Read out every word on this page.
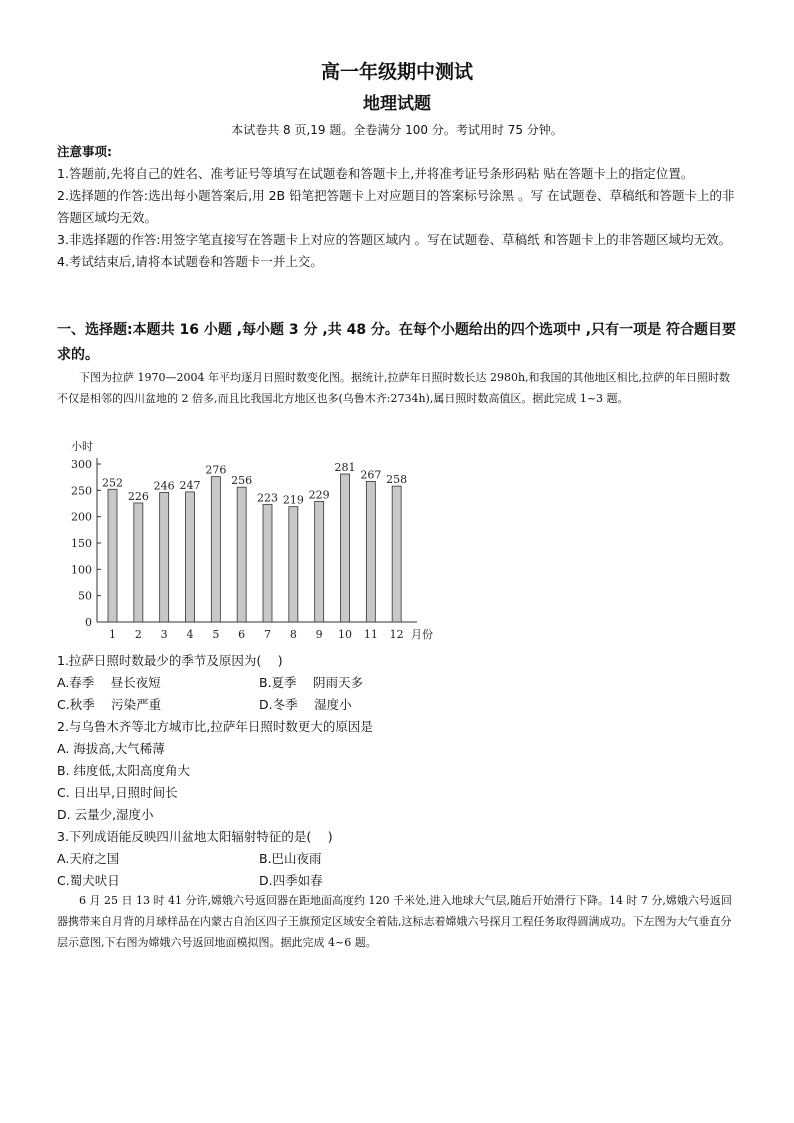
高一年级期中测试
地理试题
本试卷共 8 页,19 题。全卷满分 100 分。考试用时 75 分钟。
注意事项:
1.答题前,先将自己的姓名、准考证号等填写在试题卷和答题卡上,并将准考证号条形码粘 贴在答题卡上的指定位置。
2.选择题的作答:选出每小题答案后,用 2B 铅笔把答题卡上对应题目的答案标号涂黑 。写 在试题卷、草稿纸和答题卡上的非答题区域均无效。
3.非选择题的作答:用签字笔直接写在答题卡上对应的答题区域内 。写在试题卷、草稿纸 和答题卡上的非答题区域均无效。
4.考试结束后,请将本试题卷和答题卡一并上交。
一、选择题:本题共 16 小题 ,每小题 3 分 ,共 48 分。在每个小题给出的四个选项中 ,只有一项是 符合题目要求的。
下图为拉萨 1970—2004 年平均逐月日照时数变化图。据统计,拉萨年日照时数长达 2980h,和我国的其他地区相比,拉萨的年日照时数不仅是相邻的四川盆地的 2 倍多,而且比我国北方地区也多(乌鲁木齐:2734h),属日照时数高值区。据此完成 1~3 题。
小时
0
50
100
150
200
250
300
252
1
226
2
246
3
247
4
276
5
256
6
223
7
219
8
229
9
281
10
267
11
258
12 月份
1.拉萨日照时数最少的季节及原因为(　 )
A.春季　 昼长夜短	B.夏季　 阴雨天多
C.秋季　 污染严重	D.冬季　 湿度小
2.与乌鲁木齐等北方城市比,拉萨年日照时数更大的原因是
A. 海拔高,大气稀薄
B. 纬度低,太阳高度角大
C. 日出早,日照时间长
D. 云量少,湿度小
3.下列成语能反映四川盆地太阳辐射特征的是(　 )
A.天府之国	B.巴山夜雨
C.蜀犬吠日	D.四季如春
6 月 25 日 13 时 41 分许,嫦娥六号返回器在距地面高度约 120 千米处,进入地球大气层,随后开始滑行下降。14 时 7 分,嫦娥六号返回器携带来自月背的月球样品在内蒙古自治区四子王旗预定区域安全着陆,这标志着嫦娥六号探月工程任务取得圆满成功。下左图为大气垂直分层示意图,下右图为嫦娥六号返回地面模拟图。据此完成 4~6 题。
